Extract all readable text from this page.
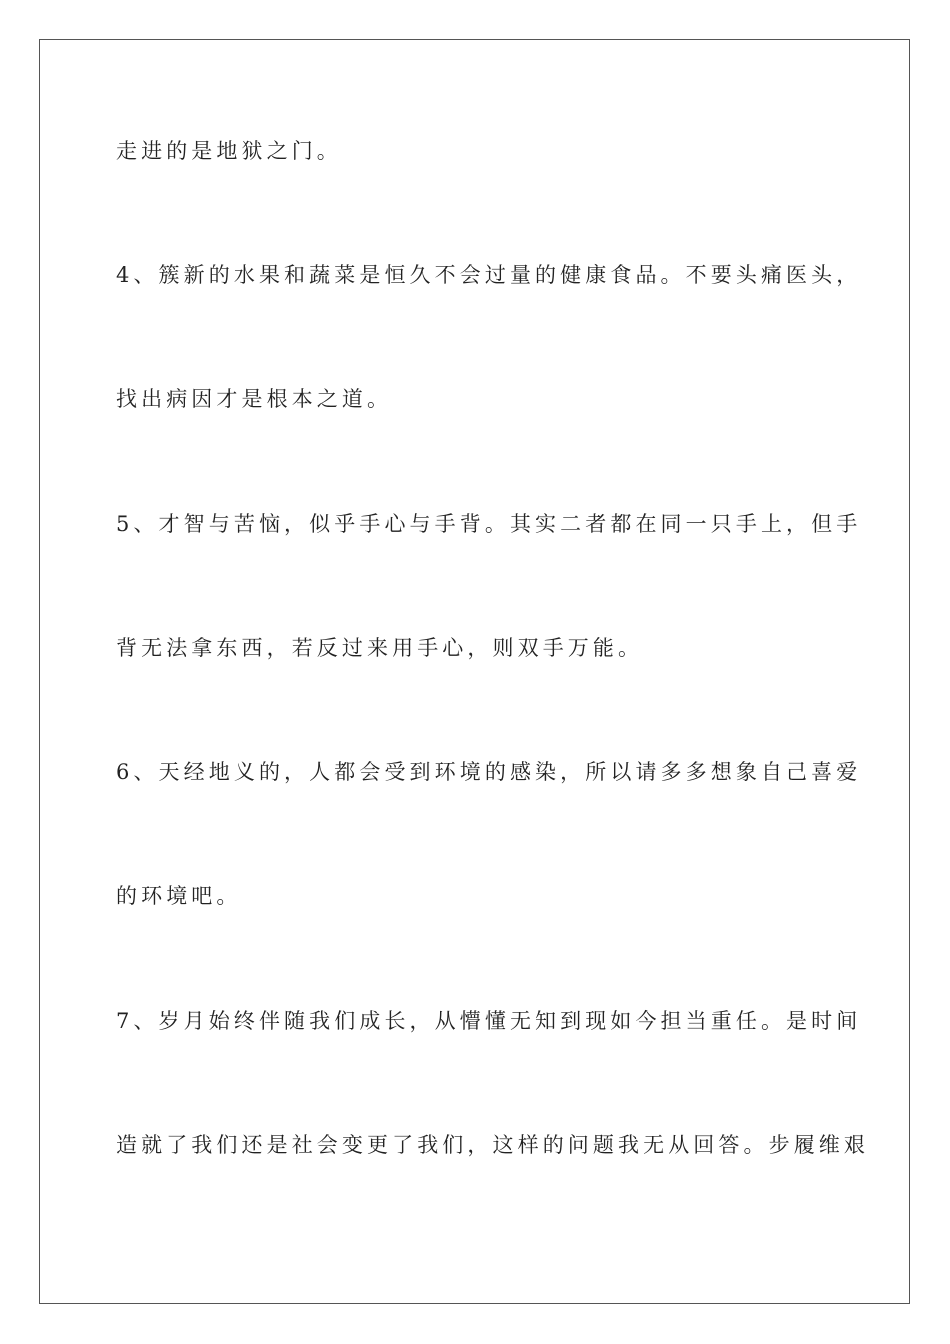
走进的是地狱之门。

4、簇新的水果和蔬菜是恒久不会过量的健康食品。不要头痛医头，

找出病因才是根本之道。

5、才智与苦恼，似乎手心与手背。其实二者都在同一只手上，但手

背无法拿东西，若反过来用手心，则双手万能。

6、天经地义的，人都会受到环境的感染，所以请多多想象自己喜爱

的环境吧。

7、岁月始终伴随我们成长，从懵懂无知到现如今担当重任。是时间

造就了我们还是社会变更了我们，这样的问题我无从回答。步履维艰
